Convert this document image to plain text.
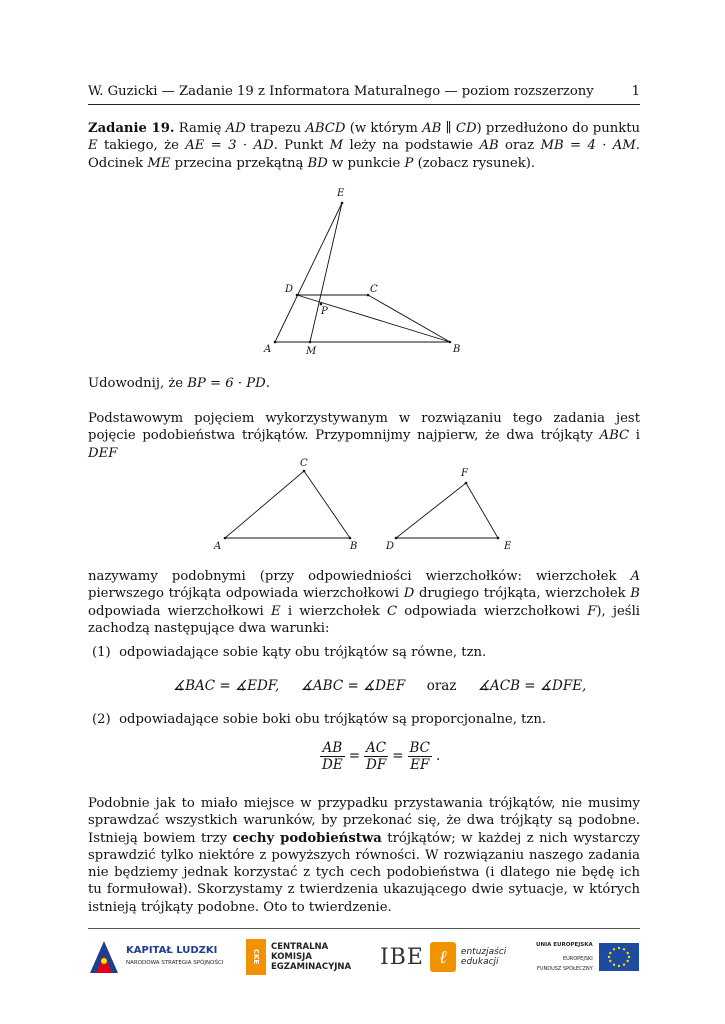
W. Guzicki — Zadanie 19 z Informatora Maturalnego — poziom rozszerzony	1
Zadanie 19. Ramię AD trapezu ABCD (w którym AB ∥ CD) przedłużono do punktu E takiego, że AE = 3 · AD. Punkt M leży na podstawie AB oraz MB = 4 · AM. Odcinek ME przecina przekątną BD w punkcie P (zobacz rysunek).
E
D	C
P
A	M	B
Udowodnij, że BP = 6 · PD.
Podstawowym pojęciem wykorzystywanym w rozwiązaniu tego zadania jest pojęcie podobieństwa trójkątów. Przypomnijmy najpierw, że dwa trójkąty ABC i DEF
A	B
C
D	E
F
nazywamy podobnymi (przy odpowiedniości wierzchołków: wierzchołek A pierwszego trójkąta odpowiada wierzchołkowi D drugiego trójkąta, wierzchołek B odpowiada wierzchołkowi E i wierzchołek C odpowiada wierzchołkowi F), jeśli zachodzą następujące dwa warunki:
(1) odpowiadające sobie kąty obu trójkątów są równe, tzn.
∡BAC = ∡EDF, ∡ABC = ∡DEF oraz ∡ACB = ∡DFE,
(2) odpowiadające sobie boki obu trójkątów są proporcjonalne, tzn.
$\frac{AB}{DE} = \frac{AC}{DF} = \frac{BC}{EF}$ .
Podobnie jak to miało miejsce w przypadku przystawania trójkątów, nie musimy sprawdzać wszystkich warunków, by przekonać się, że dwa trójkąty są podobne. Istnieją bowiem trzy cechy podobieństwa trójkątów; w każdej z nich wystarczy sprawdzić tylko niektóre z powyższych równości. W rozwiązaniu naszego zadania nie będziemy jednak korzystać z tych cech podobieństwa (i dlatego nie będę ich tu formułował). Skorzystamy z twierdzenia ukazującego dwie sytuacje, w których istnieją trójkąty podobne. Oto to twierdzenie.
KAPITAŁ LUDZKI
NARODOWA STRATEGIA SPÓJNOŚCI	CKE
CENTRALNA
KOMISJA
EGZAMINACYJNA IBE ℓ	entuzjaści
edukacji
UNIA EUROPEJSKA
EUROPEJSKI
FUNDUSZ SPOŁECZNY
